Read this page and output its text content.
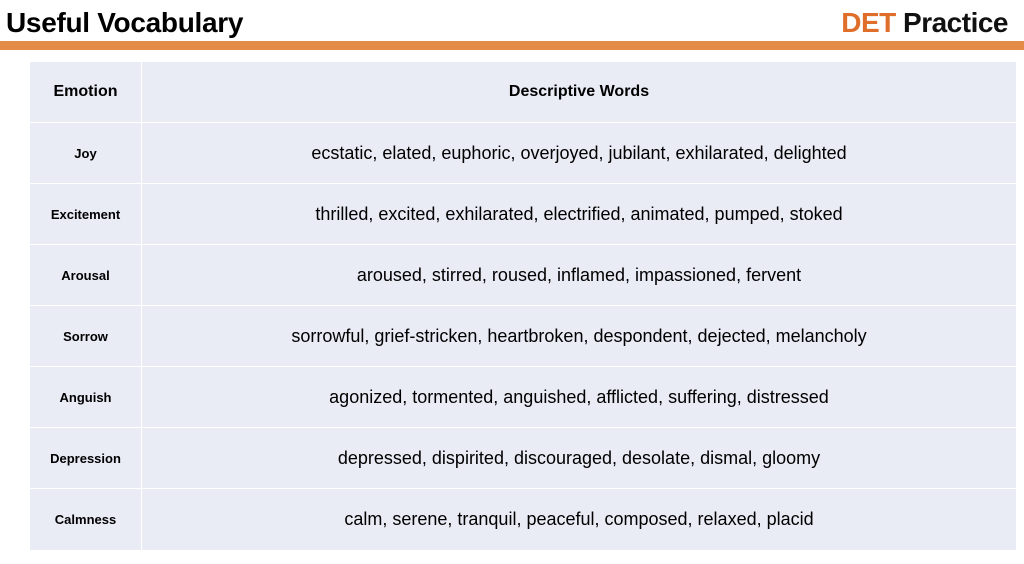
Useful Vocabulary	DET Practice
Emotion	Descriptive Words
Joy	ecstatic, elated, euphoric, overjoyed, jubilant, exhilarated, delighted
Excitement	thrilled, excited, exhilarated, electrified, animated, pumped, stoked
Arousal	aroused, stirred, roused, inflamed, impassioned, fervent
Sorrow	sorrowful, grief-stricken, heartbroken, despondent, dejected, melancholy
Anguish	agonized, tormented, anguished, afflicted, suffering, distressed
Depression	depressed, dispirited, discouraged, desolate, dismal, gloomy
Calmness	calm, serene, tranquil, peaceful, composed, relaxed, placid
